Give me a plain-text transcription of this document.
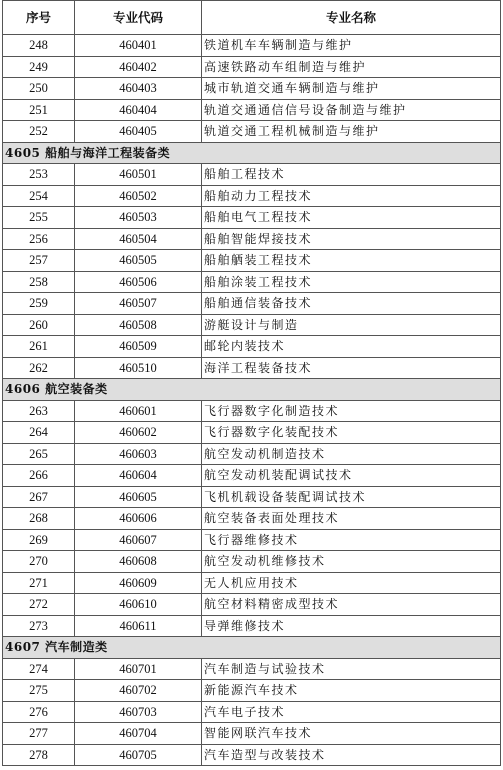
序号	专业代码	专业名称
248	460401	铁道机车车辆制造与维护
249	460402	高速铁路动车组制造与维护
250	460403	城市轨道交通车辆制造与维护
251	460404	轨道交通通信信号设备制造与维护
252	460405	轨道交通工程机械制造与维护
4605 船舶与海洋工程装备类		
253	460501	船舶工程技术
254	460502	船舶动力工程技术
255	460503	船舶电气工程技术
256	460504	船舶智能焊接技术
257	460505	船舶舾装工程技术
258	460506	船舶涂装工程技术
259	460507	船舶通信装备技术
260	460508	游艇设计与制造
261	460509	邮轮内装技术
262	460510	海洋工程装备技术
4606 航空装备类		
263	460601	飞行器数字化制造技术
264	460602	飞行器数字化装配技术
265	460603	航空发动机制造技术
266	460604	航空发动机装配调试技术
267	460605	飞机机载设备装配调试技术
268	460606	航空装备表面处理技术
269	460607	飞行器维修技术
270	460608	航空发动机维修技术
271	460609	无人机应用技术
272	460610	航空材料精密成型技术
273	460611	导弹维修技术
4607 汽车制造类		
274	460701	汽车制造与试验技术
275	460702	新能源汽车技术
276	460703	汽车电子技术
277	460704	智能网联汽车技术
278	460705	汽车造型与改装技术
